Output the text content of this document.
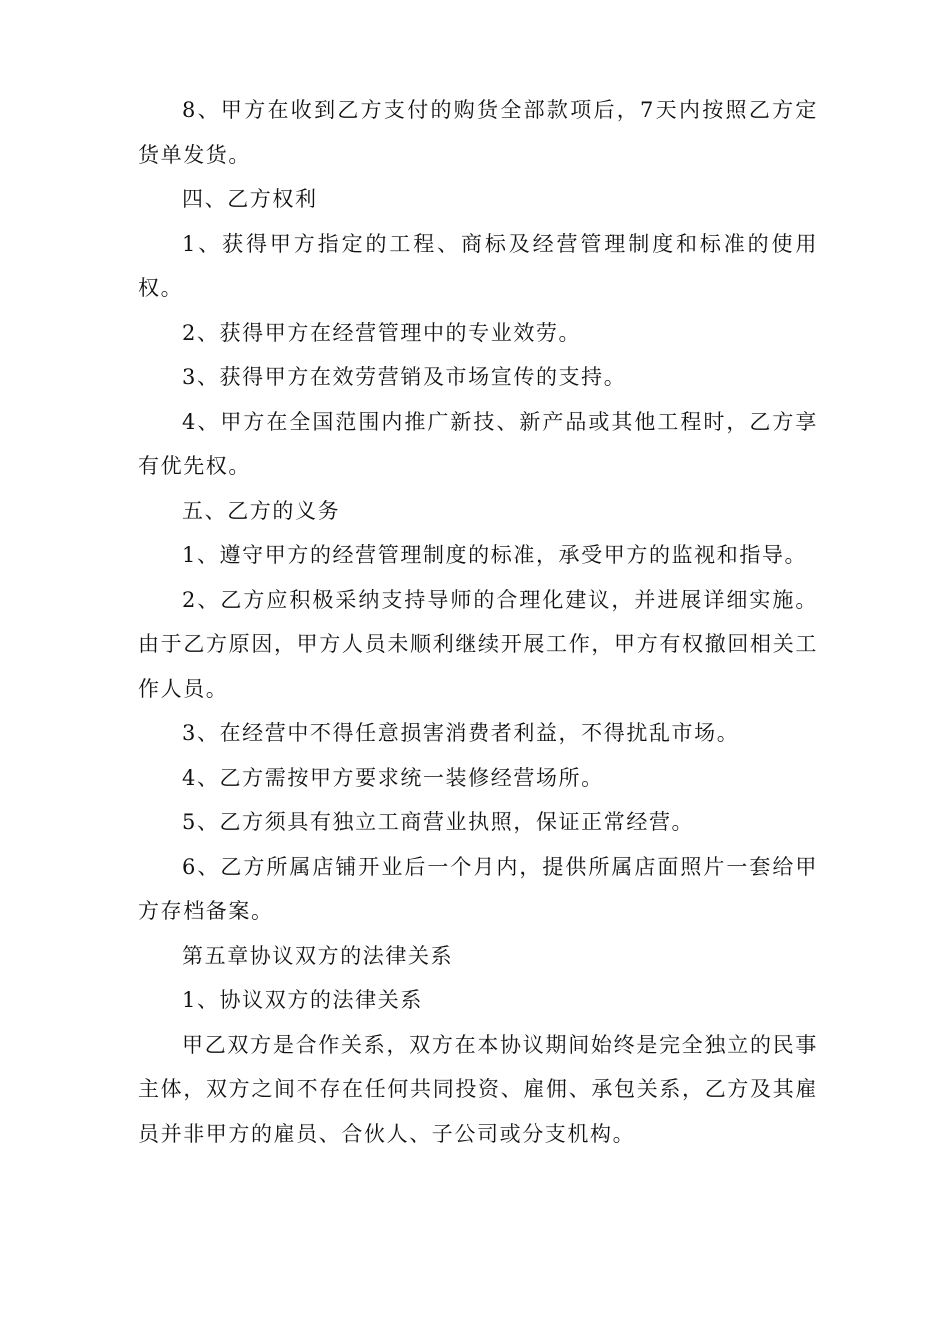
8、甲方在收到乙方支付的购货全部款项后，7天内按照乙方定货单发货。

四、乙方权利

1、获得甲方指定的工程、商标及经营管理制度和标准的使用权。

2、获得甲方在经营管理中的专业效劳。

3、获得甲方在效劳营销及市场宣传的支持。

4、甲方在全国范围内推广新技、新产品或其他工程时，乙方享有优先权。

五、乙方的义务

1、遵守甲方的经营管理制度的标准，承受甲方的监视和指导。

2、乙方应积极采纳支持导师的合理化建议，并进展详细实施。由于乙方原因，甲方人员未顺利继续开展工作，甲方有权撤回相关工作人员。

3、在经营中不得任意损害消费者利益，不得扰乱市场。

4、乙方需按甲方要求统一装修经营场所。

5、乙方须具有独立工商营业执照，保证正常经营。

6、乙方所属店铺开业后一个月内，提供所属店面照片一套给甲方存档备案。

第五章协议双方的法律关系

1、协议双方的法律关系

甲乙双方是合作关系，双方在本协议期间始终是完全独立的民事主体，双方之间不存在任何共同投资、雇佣、承包关系，乙方及其雇员并非甲方的雇员、合伙人、子公司或分支机构。
